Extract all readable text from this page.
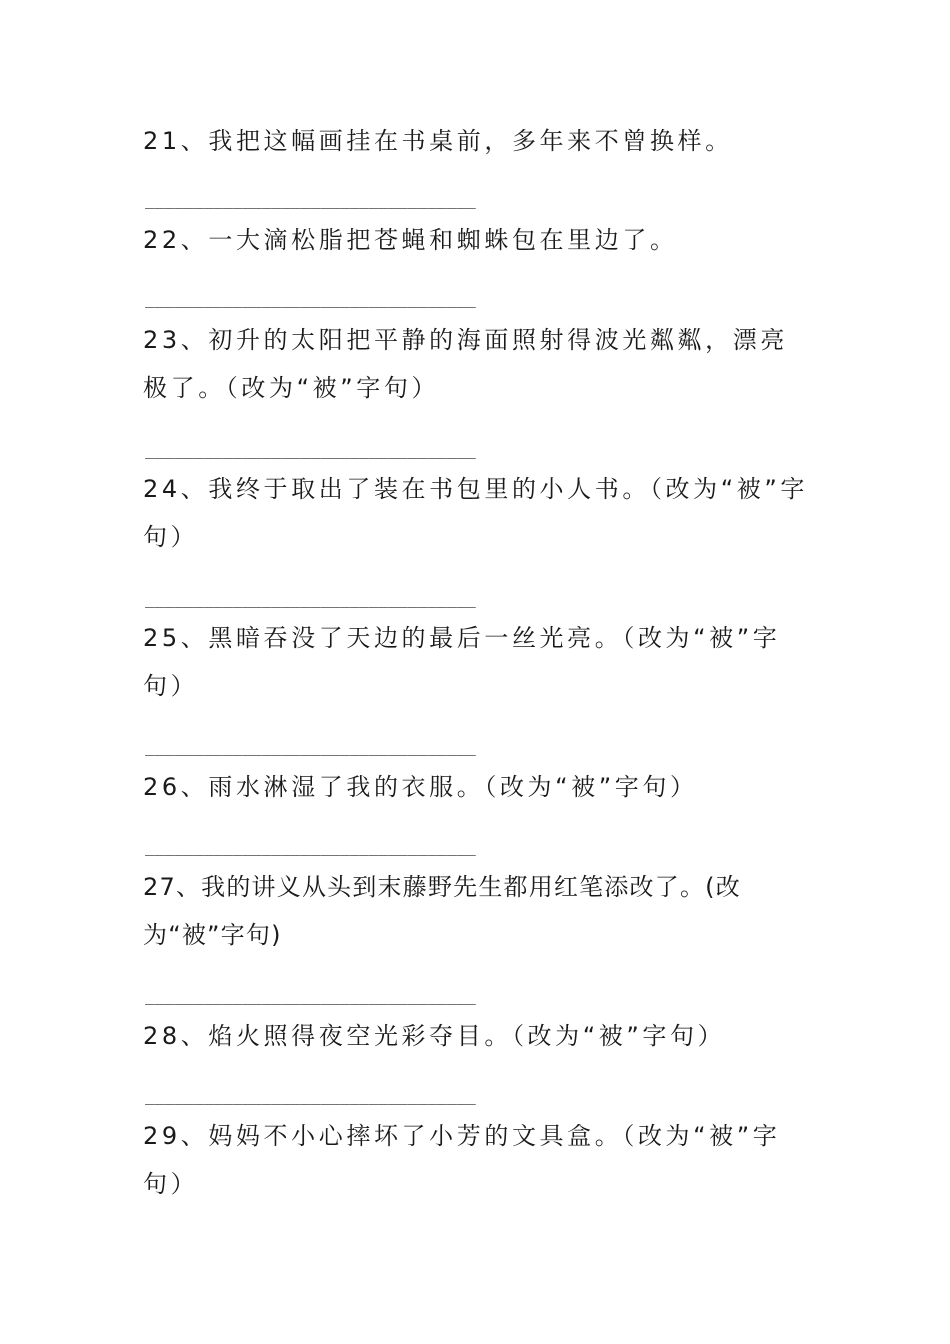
21、我把这幅画挂在书桌前，多年来不曾换样。
__________________________________
22、一大滴松脂把苍蝇和蜘蛛包在里边了。
__________________________________
23、初升的太阳把平静的海面照射得波光粼粼，漂亮极了。（改为“被”字句）
__________________________________
24、我终于取出了装在书包里的小人书。（改为“被”字句）
__________________________________
25、黑暗吞没了天边的最后一丝光亮。（改为“被”字句）
__________________________________
26、雨水淋湿了我的衣服。（改为“被”字句）
__________________________________
27、我的讲义从头到末藤野先生都用红笔添改了。(改为“被”字句)
__________________________________
28、焰火照得夜空光彩夺目。（改为“被”字句）
__________________________________
29、妈妈不小心摔坏了小芳的文具盒。（改为“被”字句）
